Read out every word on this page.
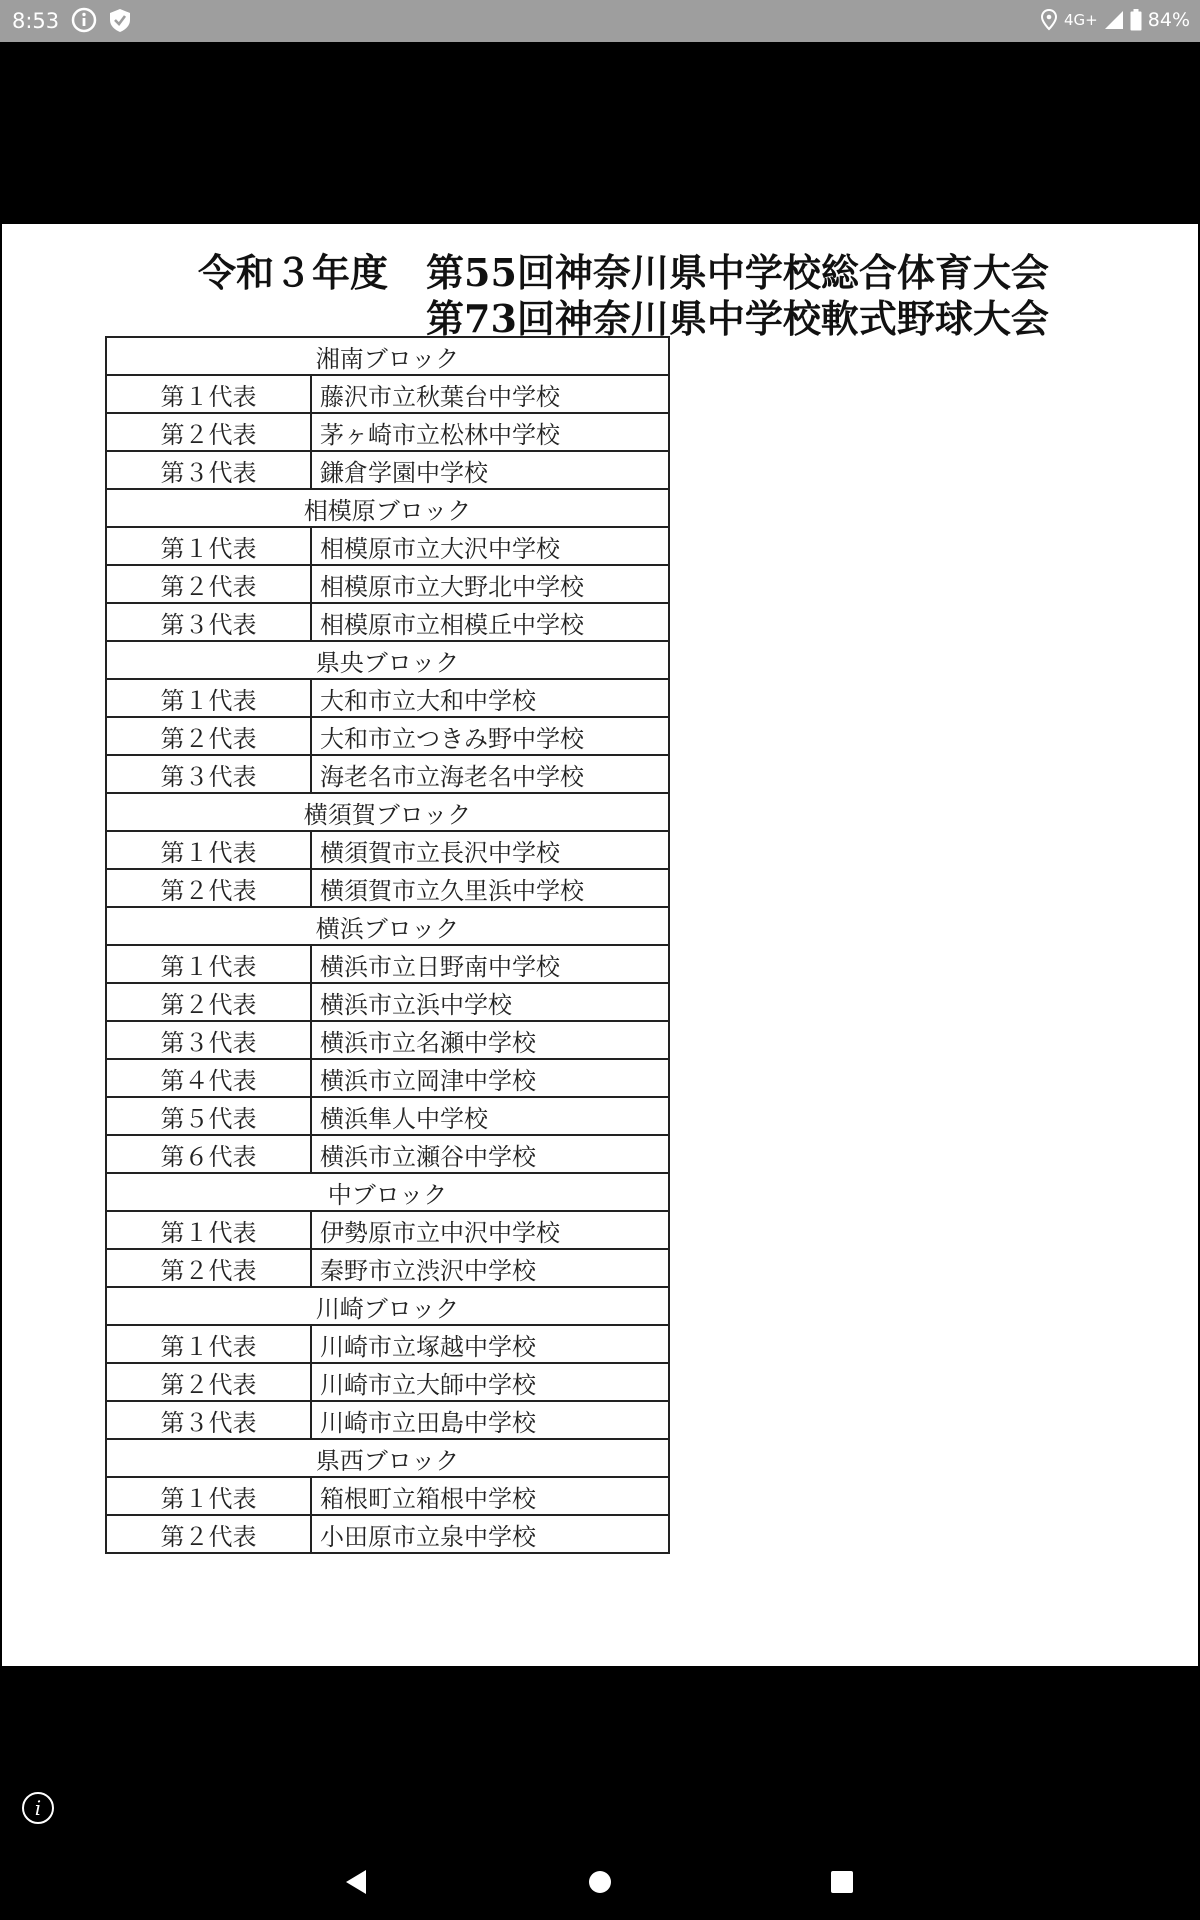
8:53	4G+	84%
令和３年度　第55回神奈川県中学校総合体育大会
第73回神奈川県中学校軟式野球大会
湘南ブロック	
第１代表	藤沢市立秋葉台中学校
第２代表	茅ヶ崎市立松林中学校
第３代表	鎌倉学園中学校
相模原ブロック	
第１代表	相模原市立大沢中学校
第２代表	相模原市立大野北中学校
第３代表	相模原市立相模丘中学校
県央ブロック	
第１代表	大和市立大和中学校
第２代表	大和市立つきみ野中学校
第３代表	海老名市立海老名中学校
横須賀ブロック	
第１代表	横須賀市立長沢中学校
第２代表	横須賀市立久里浜中学校
横浜ブロック	
第１代表	横浜市立日野南中学校
第２代表	横浜市立浜中学校
第３代表	横浜市立名瀬中学校
第４代表	横浜市立岡津中学校
第５代表	横浜隼人中学校
第６代表	横浜市立瀬谷中学校
中ブロック	
第１代表	伊勢原市立中沢中学校
第２代表	秦野市立渋沢中学校
川崎ブロック	
第１代表	川崎市立塚越中学校
第２代表	川崎市立大師中学校
第３代表	川崎市立田島中学校
県西ブロック	
第１代表	箱根町立箱根中学校
第２代表	小田原市立泉中学校
i
